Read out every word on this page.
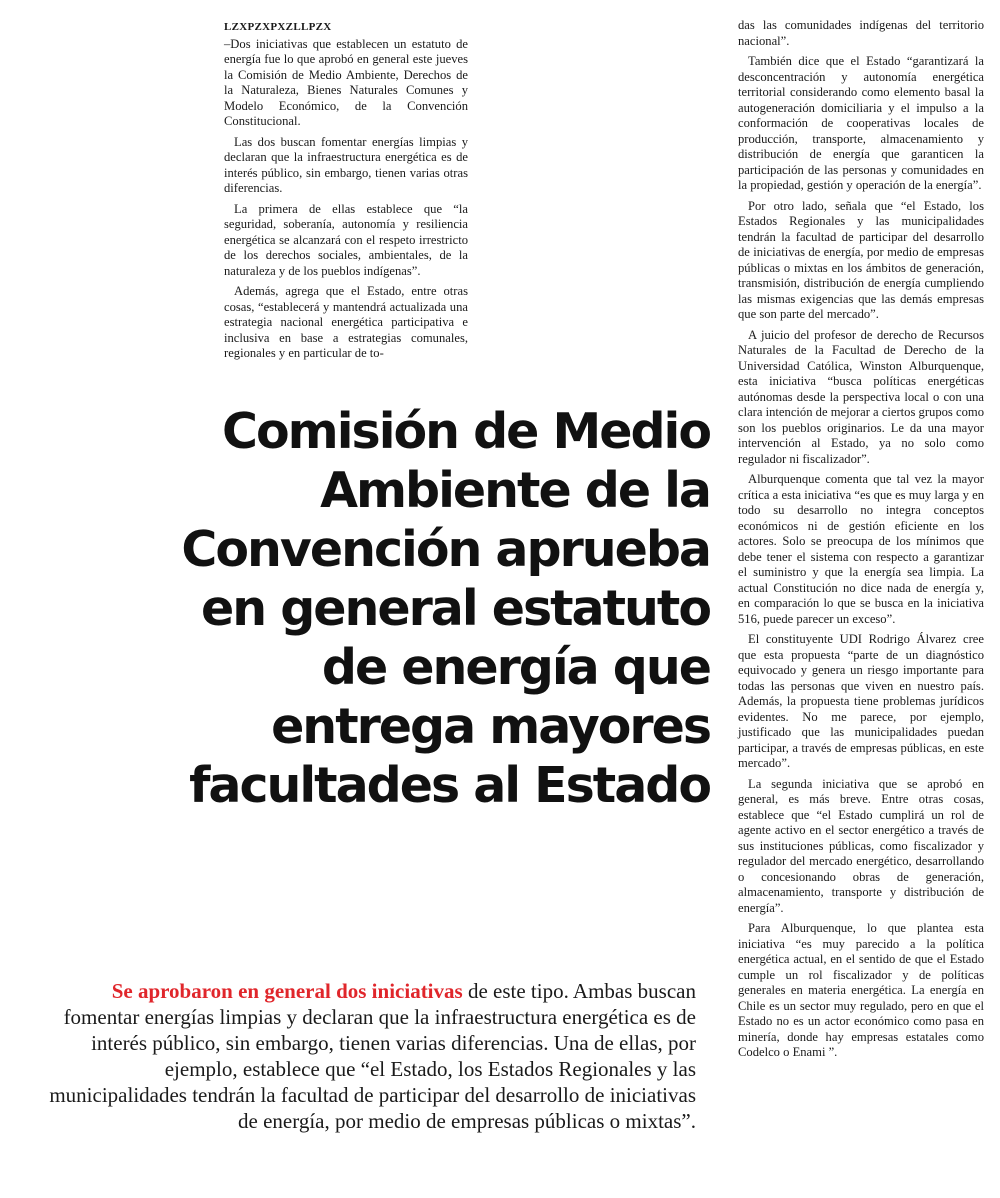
LZXPZXPXZLLPZX

–Dos iniciativas que establecen un estatuto de energía fue lo que aprobó en general este jueves la Comisión de Medio Ambiente, Derechos de la Naturaleza, Bienes Naturales Comunes y Modelo Económico, de la Convención Constitucional.

Las dos buscan fomentar energías limpias y declaran que la infraestructura energética es de interés público, sin embargo, tienen varias otras diferencias.

La primera de ellas establece que “la seguridad, soberanía, autonomía y resiliencia energética se alcanzará con el respeto irrestricto de los derechos sociales, ambientales, de la naturaleza y de los pueblos indígenas”.

Además, agrega que el Estado, entre otras cosas, “establecerá y mantendrá actualizada una estrategia nacional energética participativa e inclusiva en base a estrategias comunales, regionales y en particular de to-

Comisión de Medio
Ambiente de la
Convención aprueba
en general estatuto
de energía que
entrega mayores
facultades al Estado

Se aprobaron en general dos iniciativas de este tipo. Ambas buscan fomentar energías limpias y declaran que la infraestructura energética es de interés público, sin embargo, tienen varias diferencias. Una de ellas, por ejemplo, establece que “el Estado, los Estados Regionales y las municipalidades tendrán la facultad de participar del desarrollo de iniciativas de energía, por medio de empresas públicas o mixtas”.

das las comunidades indígenas del territorio nacional”.

También dice que el Estado “garantizará la desconcentración y autonomía energética territorial considerando como elemento basal la autogeneración domiciliaria y el impulso a la conformación de cooperativas locales de producción, transporte, almacenamiento y distribución de energía que garanticen la participación de las personas y comunidades en la propiedad, gestión y operación de la energía”.

Por otro lado, señala que “el Estado, los Estados Regionales y las municipalidades tendrán la facultad de participar del desarrollo de iniciativas de energía, por medio de empresas públicas o mixtas en los ámbitos de generación, transmisión, distribución de energía cumpliendo las mismas exigencias que las demás empresas que son parte del mercado”.

A juicio del profesor de derecho de Recursos Naturales de la Facultad de Derecho de la Universidad Católica, Winston Alburquenque, esta iniciativa “busca políticas energéticas autónomas desde la perspectiva local o con una clara intención de mejorar a ciertos grupos como son los pueblos originarios. Le da una mayor intervención al Estado, ya no solo como regulador ni fiscalizador”.

Alburquenque comenta que tal vez la mayor crítica a esta iniciativa “es que es muy larga y en todo su desarrollo no integra conceptos económicos ni de gestión eficiente en los actores. Solo se preocupa de los mínimos que debe tener el sistema con respecto a garantizar el suministro y que la energía sea limpia. La actual Constitución no dice nada de energía y, en comparación lo que se busca en la iniciativa 516, puede parecer un exceso”.

El constituyente UDI Rodrigo Álvarez cree que esta propuesta “parte de un diagnóstico equivocado y genera un riesgo importante para todas las personas que viven en nuestro país. Además, la propuesta tiene problemas jurídicos evidentes. No me parece, por ejemplo, justificado que las municipalidades puedan participar, a través de empresas públicas, en este mercado”.

La segunda iniciativa que se aprobó en general, es más breve. Entre otras cosas, establece que “el Estado cumplirá un rol de agente activo en el sector energético a través de sus instituciones públicas, como fiscalizador y regulador del mercado energético, desarrollando o concesionando obras de generación, almacenamiento, transporte y distribución de energía”.

Para Alburquenque, lo que plantea esta iniciativa “es muy parecido a la política energética actual, en el sentido de que el Estado cumple un rol fiscalizador y de políticas generales en materia energética. La energía en Chile es un sector muy regulado, pero en que el Estado no es un actor económico como pasa en minería, donde hay empresas estatales como Codelco o Enami ”.
